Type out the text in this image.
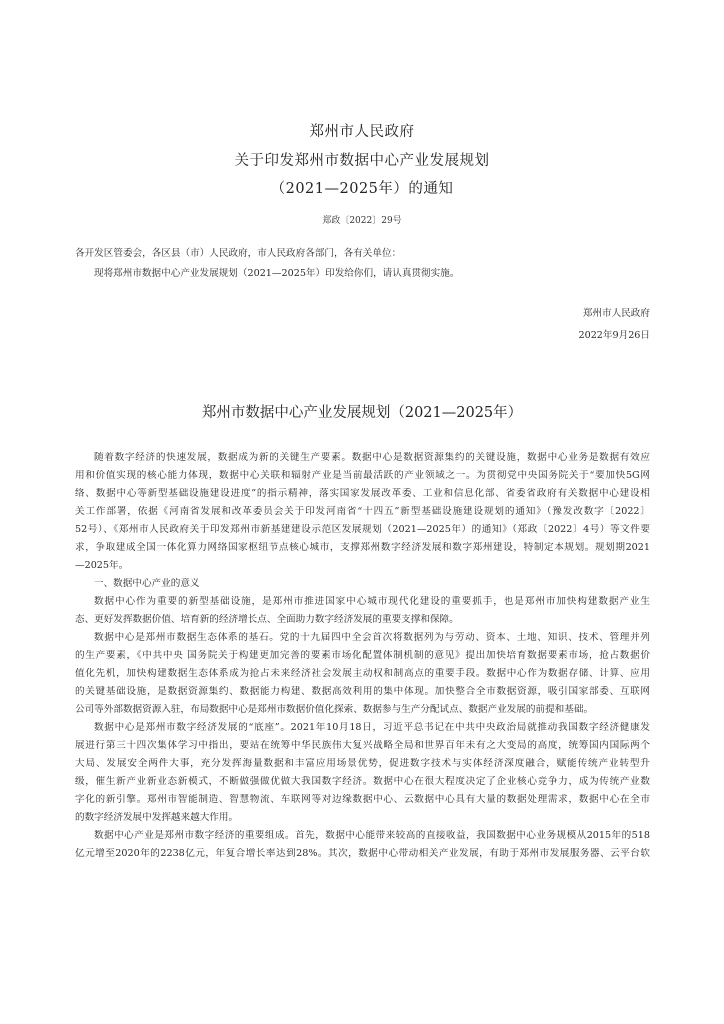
郑州市人民政府
关于印发郑州市数据中心产业发展规划
（2021—2025年）的通知
郑政〔2022〕29号
各开发区管委会，各区县（市）人民政府，市人民政府各部门，各有关单位：
现将郑州市数据中心产业发展规划（2021—2025年）印发给你们，请认真贯彻实施。
郑州市人民政府
2022年9月26日
郑州市数据中心产业发展规划（2021—2025年）
随着数字经济的快速发展，数据成为新的关键生产要素。数据中心是数据资源集约的关键设施，数据中心业务是数据有效应
用和价值实现的核心能力体现，数据中心关联和辐射产业是当前最活跃的产业领域之一。为贯彻党中央国务院关于“要加快5G网
络、数据中心等新型基础设施建设进度”的指示精神，落实国家发展改革委、工业和信息化部、省委省政府有关数据中心建设相
关工作部署，依据《河南省发展和改革委员会关于印发河南省“十四五”新型基础设施建设规划的通知》（豫发改数字〔2022〕
52号）、《郑州市人民政府关于印发郑州市新基建建设示范区发展规划（2021—2025年）的通知》（郑政〔2022〕4号）等文件要
求，争取建成全国一体化算力网络国家枢纽节点核心城市，支撑郑州数字经济发展和数字郑州建设，特制定本规划。规划期2021
—2025年。
一、数据中心产业的意义
数据中心作为重要的新型基础设施，是郑州市推进国家中心城市现代化建设的重要抓手，也是郑州市加快构建数据产业生
态、更好发挥数据价值、培育新的经济增长点、全面助力数字经济发展的重要支撑和保障。
数据中心是郑州市数据生态体系的基石。党的十九届四中全会首次将数据列为与劳动、资本、土地、知识、技术、管理并列
的生产要素，《中共中央 国务院关于构建更加完善的要素市场化配置体制机制的意见》提出加快培育数据要素市场，抢占数据价
值化先机，加快构建数据生态体系成为抢占未来经济社会发展主动权和制高点的重要手段。数据中心作为数据存储、计算、应用
的关键基础设施，是数据资源集约、数据能力构建、数据高效利用的集中体现。加快整合全市数据资源，吸引国家部委、互联网
公司等外部数据资源入驻，布局数据中心是郑州市数据价值化探索、数据参与生产分配试点、数据产业发展的前提和基础。
数据中心是郑州市数字经济发展的“底座”。2021年10月18日，习近平总书记在中共中央政治局就推动我国数字经济健康发
展进行第三十四次集体学习中指出，要站在统筹中华民族伟大复兴战略全局和世界百年未有之大变局的高度，统筹国内国际两个
大局、发展安全两件大事，充分发挥海量数据和丰富应用场景优势，促进数字技术与实体经济深度融合，赋能传统产业转型升
级，催生新产业新业态新模式，不断做强做优做大我国数字经济。数据中心在很大程度决定了企业核心竞争力，成为传统产业数
字化的新引擎。郑州市智能制造、智慧物流、车联网等对边缘数据中心、云数据中心具有大量的数据处理需求，数据中心在全市
的数字经济发展中发挥越来越大作用。
数据中心产业是郑州市数字经济的重要组成。首先，数据中心能带来较高的直接收益，我国数据中心业务规模从2015年的518
亿元增至2020年的2238亿元，年复合增长率达到28%。其次，数据中心带动相关产业发展，有助于郑州市发展服务器、云平台软
